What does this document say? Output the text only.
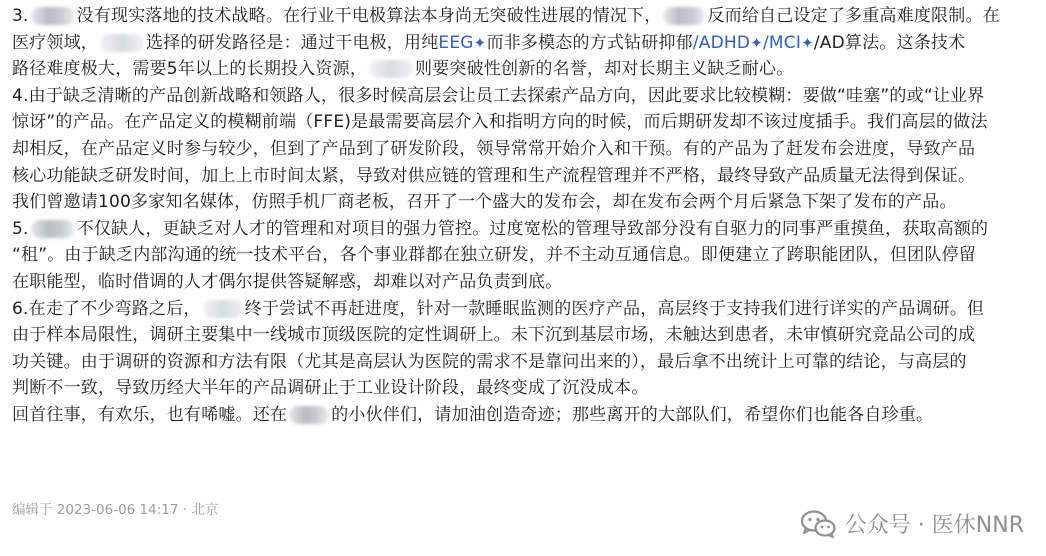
3.	没有现实落地的技术战略。在行业干电极算法本身尚无突破性进展的情况下，	反而给自己设定了多重高难度限制。在
医疗领域，	选择的研发路径是：通过干电极，用纯EEG✦而非多模态的方式钻研抑郁/ADHD✦/MCI✦/AD算法。这条技术
路径难度极大，需要5年以上的长期投入资源，	则要突破性创新的名誉，却对长期主义缺乏耐心。
4.由于缺乏清晰的产品创新战略和领路人，很多时候高层会让员工去探索产品方向，因此要求比较模糊：要做“哇塞”的或“让业界
惊讶”的产品。在产品定义的模糊前端（FFE)是最需要高层介入和指明方向的时候，而后期研发却不该过度插手。我们高层的做法
却相反，在产品定义时参与较少，但到了产品到了研发阶段，领导常常开始介入和干预。有的产品为了赶发布会进度，导致产品
核心功能缺乏研发时间，加上上市时间太紧，导致对供应链的管理和生产流程管理并不严格，最终导致产品质量无法得到保证。
我们曾邀请100多家知名媒体，仿照手机厂商老板，召开了一个盛大的发布会，却在发布会两个月后紧急下架了发布的产品。
5.	不仅缺人，更缺乏对人才的管理和对项目的强力管控。过度宽松的管理导致部分没有自驱力的同事严重摸鱼，获取高额的
“租”。由于缺乏内部沟通的统一技术平台，各个事业群都在独立研发，并不主动互通信息。即便建立了跨职能团队，但团队停留
在职能型，临时借调的人才偶尔提供答疑解惑，却难以对产品负责到底。
6.在走了不少弯路之后，	终于尝试不再赶进度，针对一款睡眠监测的医疗产品，高层终于支持我们进行详实的产品调研。但
由于样本局限性，调研主要集中一线城市顶级医院的定性调研上。未下沉到基层市场，未触达到患者，未审慎研究竞品公司的成
功关键。由于调研的资源和方法有限（尤其是高层认为医院的需求不是靠问出来的），最后拿不出统计上可靠的结论，与高层的
判断不一致，导致历经大半年的产品调研止于工业设计阶段，最终变成了沉没成本。
回首往事，有欢乐，也有唏嘘。还在	的小伙伴们，请加油创造奇迹；那些离开的大部队们，希望你们也能各自珍重。
编辑于 2023-06-06 14:17 · 北京
公众号 · 医休NNR
